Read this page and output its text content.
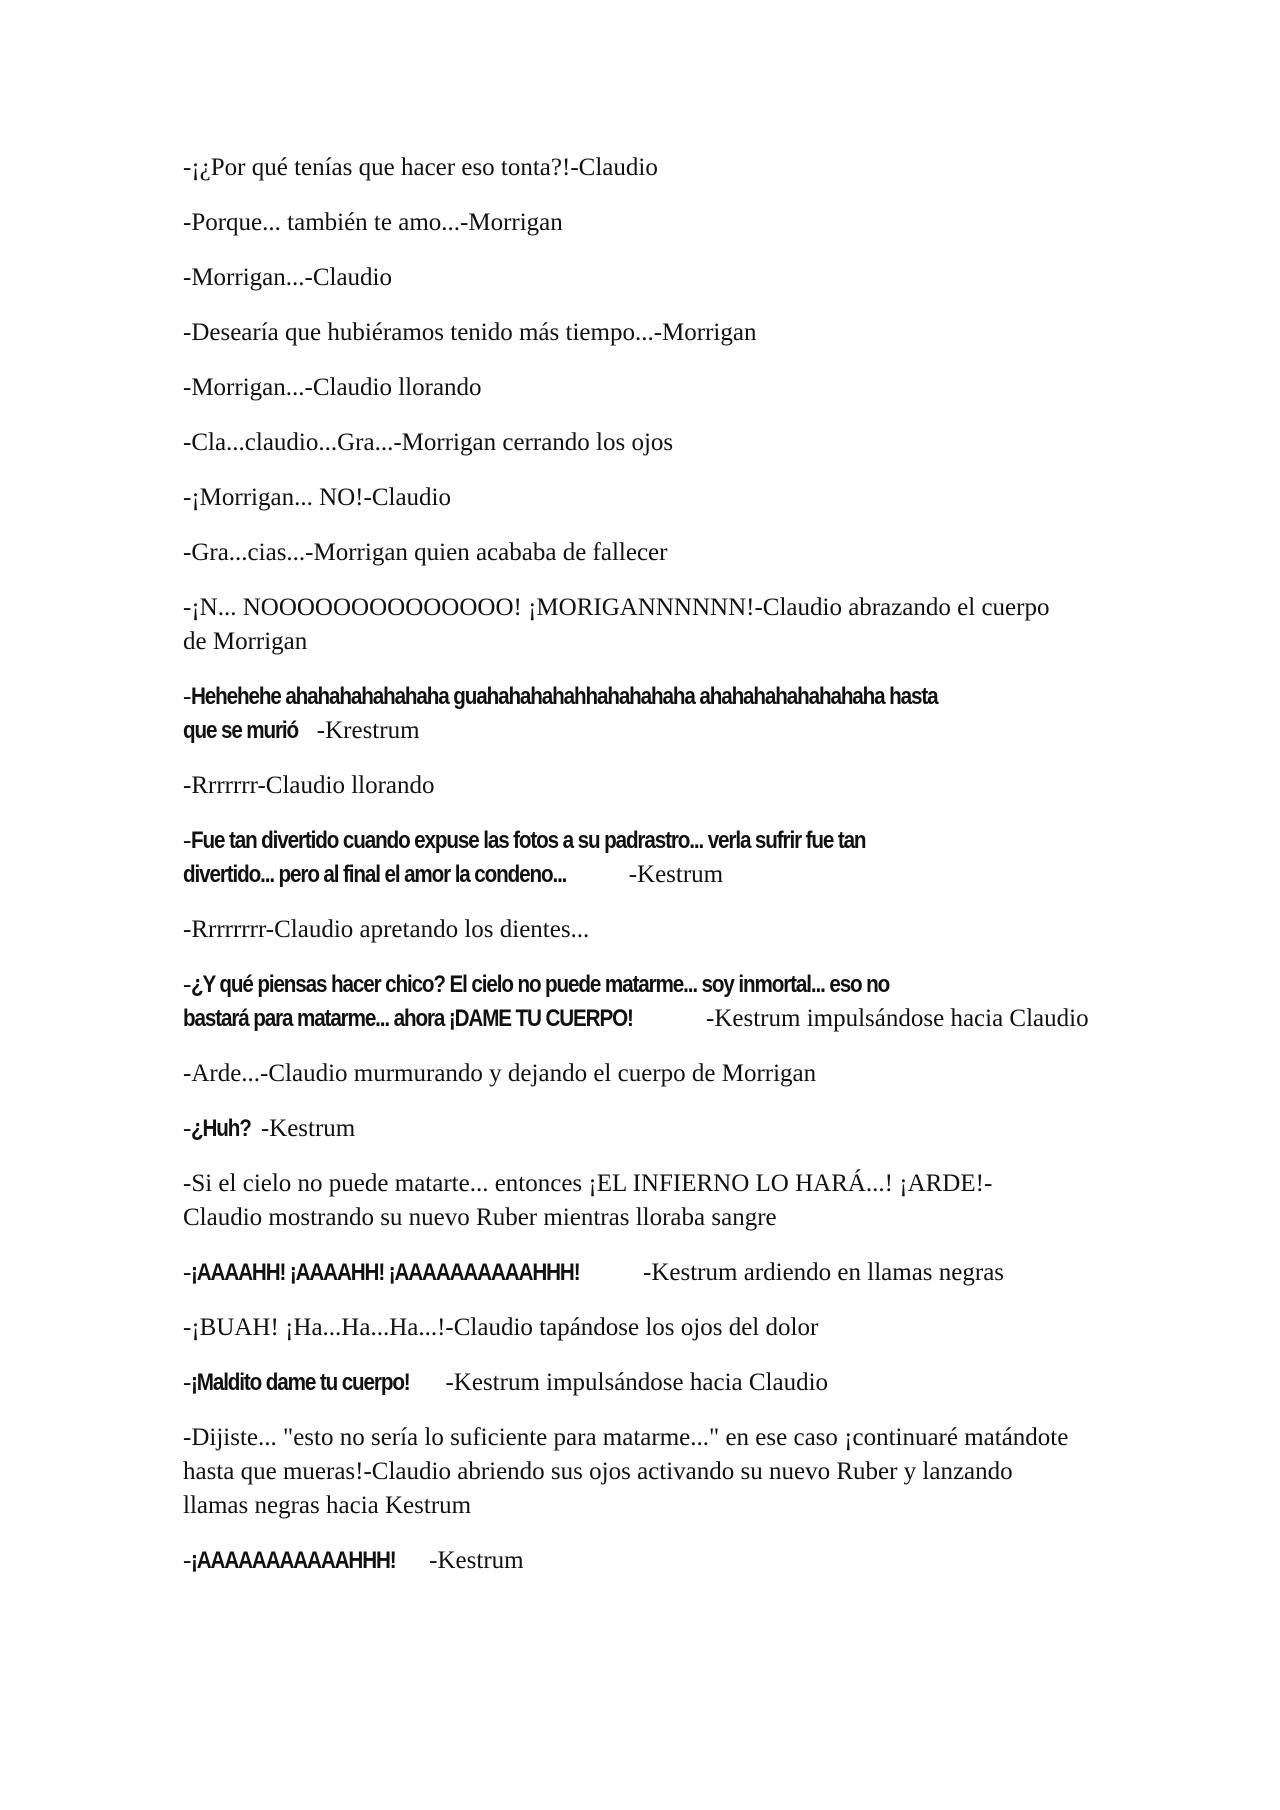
-¡¿Por qué tenías que hacer eso tonta?!-Claudio
-Porque... también te amo...-Morrigan
-Morrigan...-Claudio
-Desearía que hubiéramos tenido más tiempo...-Morrigan
-Morrigan...-Claudio llorando
-Cla...claudio...Gra...-Morrigan cerrando los ojos
-¡Morrigan... NO!-Claudio
-Gra...cias...-Morrigan quien acababa de fallecer
-¡N... NOOOOOOOOOOOOOO! ¡MORIGANNNNNN!-Claudio abrazando el cuerpo
de Morrigan
-Hehehehe ahahahahahahaha guahahahahahhahahahaha ahahahahahahahaha hasta
que se murió -Krestrum
-Rrrrrrr-Claudio llorando
-Fue tan divertido cuando expuse las fotos a su padrastro... verla sufrir fue tan
divertido... pero al final el amor la condeno... -Kestrum
-Rrrrrrrr-Claudio apretando los dientes...
-¿Y qué piensas hacer chico? El cielo no puede matarme... soy inmortal... eso no
bastará para matarme... ahora ¡DAME TU CUERPO!	-Kestrum impulsándose hacia Claudio
-Arde...-Claudio murmurando y dejando el cuerpo de Morrigan
-¿Huh? -Kestrum
-Si el cielo no puede matarte... entonces ¡EL INFIERNO LO HARÁ...! ¡ARDE!-
Claudio mostrando su nuevo Ruber mientras lloraba sangre
-¡AAAAHH! ¡AAAAHH! ¡AAAAAAAAAAHHH!	-Kestrum ardiendo en llamas negras
-¡BUAH! ¡Ha...Ha...Ha...!-Claudio tapándose los ojos del dolor
-¡Maldito dame tu cuerpo! -Kestrum impulsándose hacia Claudio
-Dijiste... "esto no sería lo suficiente para matarme..." en ese caso ¡continuaré matándote
hasta que mueras!-Claudio abriendo sus ojos activando su nuevo Ruber y lanzando
llamas negras hacia Kestrum
-¡AAAAAAAAAAAHHH! -Kestrum
